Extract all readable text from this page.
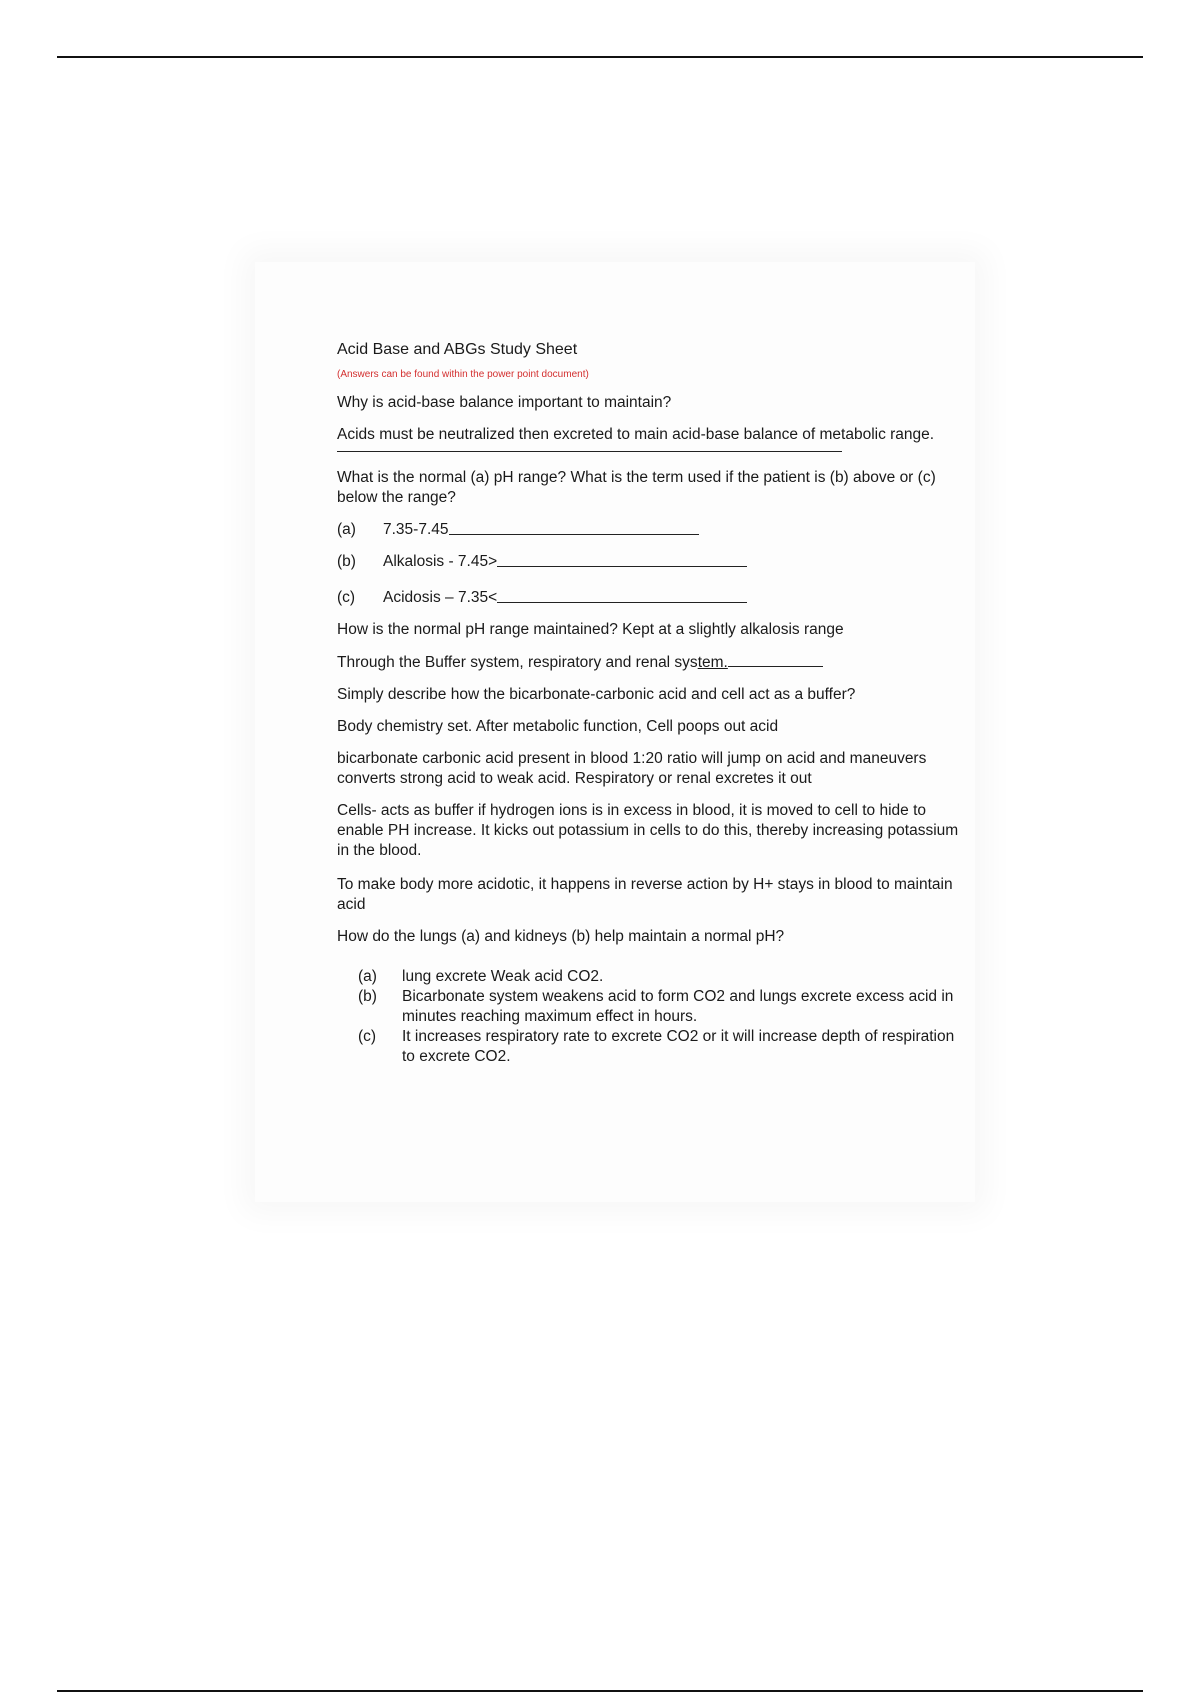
Acid Base and ABGs Study Sheet
(Answers can be found within the power point document)
Why is acid-base balance important to maintain?
Acids must be neutralized then excreted to main acid-base balance of metabolic range.
What is the normal (a) pH range? What is the term used if the patient is (b) above or (c) below the range?
(a)	7.35-7.45
(b)	Alkalosis - 7.45>
(c)	Acidosis – 7.35<
How is the normal pH range maintained? Kept at a slightly alkalosis range
Through the Buffer system, respiratory and renal system.
Simply describe how the bicarbonate-carbonic acid and cell act as a buffer?
Body chemistry set. After metabolic function, Cell poops out acid
bicarbonate carbonic acid present in blood 1:20 ratio will jump on acid and maneuvers converts strong acid to weak acid. Respiratory or renal excretes it out
Cells- acts as buffer if hydrogen ions is in excess in blood, it is moved to cell to hide to enable PH increase. It kicks out potassium in cells to do this, thereby increasing potassium in the blood.
To make body more acidotic, it happens in reverse action by H+ stays in blood to maintain acid
How do the lungs (a) and kidneys (b) help maintain a normal pH?
(a)	lung excrete Weak acid CO2.
(b)	Bicarbonate system weakens acid to form CO2 and lungs excrete excess acid in minutes reaching maximum effect in hours.
(c)	It increases respiratory rate to excrete CO2 or it will increase depth of respiration to excrete CO2.
